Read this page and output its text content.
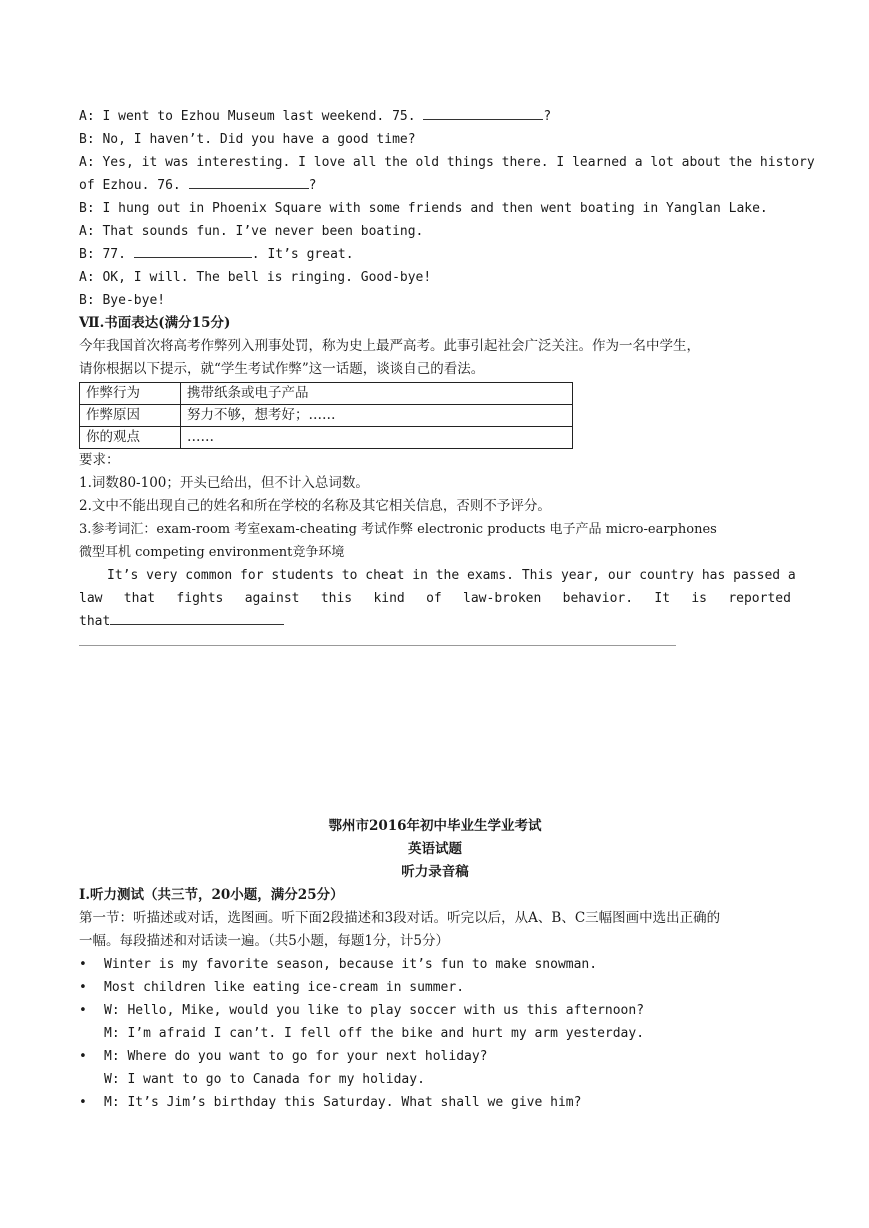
A: I went to Ezhou Museum last weekend. 75.	?
B: No, I haven’t. Did you have a good time?
A: Yes, it was interesting. I love all the old things there. I learned a lot about the history
of Ezhou. 76.	?
B: I hung out in Phoenix Square with some friends and then went boating in Yanglan Lake.
A: That sounds fun. I’ve never been boating.
B: 77.	. It’s great.
A: OK, I will. The bell is ringing. Good-bye!
B: Bye-bye!
Ⅶ.书面表达(满分15分)
今年我国首次将高考作弊列入刑事处罚，称为史上最严高考。此事引起社会广泛关注。作为一名中学生，
请你根据以下提示，就“学生考试作弊”这一话题，谈谈自己的看法。
作弊行为	携带纸条或电子产品
作弊原因	努力不够，想考好；……
你的观点	……
要求：
1.词数80-100；开头已给出，但不计入总词数。
2.文中不能出现自己的姓名和所在学校的名称及其它相关信息，否则不予评分。
3.参考词汇：exam-room 考室exam-cheating 考试作弊 electronic products 电子产品 micro-earphones
微型耳机 competing environment竞争环境
It’s very common for students to cheat in the exams. This year, our country has passed a
law that fights against this kind of law-broken behavior. It is reported
that
鄂州市2016年初中毕业生学业考试
英语试题
听力录音稿
Ⅰ.听力测试（共三节，20小题，满分25分）
第一节：听描述或对话，选图画。听下面2段描述和3段对话。听完以后，从A、B、C三幅图画中选出正确的
一幅。每段描述和对话读一遍。（共5小题，每题1分，计5分）
• Winter is my favorite season, because it’s fun to make snowman.
• Most children like eating ice-cream in summer.
• W: Hello, Mike, would you like to play soccer with us this afternoon?
M: I’m afraid I can’t. I fell off the bike and hurt my arm yesterday.
• M: Where do you want to go for your next holiday?
W: I want to go to Canada for my holiday.
• M: It’s Jim’s birthday this Saturday. What shall we give him?
